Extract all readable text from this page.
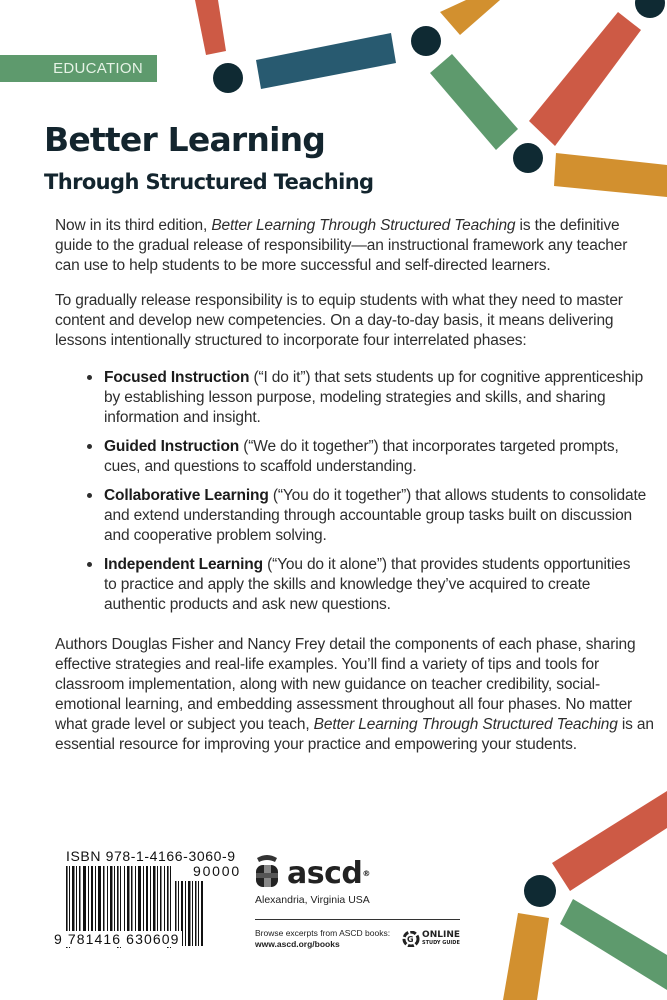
EDUCATION
Better Learning
Through Structured Teaching

Now in its third edition, Better Learning Through Structured Teaching is the definitive guide to the gradual release of responsibility—an instructional framework any teacher can use to help students to be more successful and self-directed learners.

To gradually release responsibility is to equip students with what they need to master content and develop new competencies. On a day-to-day basis, it means delivering lessons intentionally structured to incorporate four interrelated phases:

Focused Instruction (“I do it”) that sets students up for cognitive apprenticeship by establishing lesson purpose, modeling strategies and skills, and sharing information and insight.
Guided Instruction (“We do it together”) that incorporates targeted prompts, cues, and questions to scaffold understanding.
Collaborative Learning (“You do it together”) that allows students to consolidate and extend understanding through accountable group tasks built on discussion and cooperative problem solving.
Independent Learning (“You do it alone”) that provides students opportunities to practice and apply the skills and knowledge they’ve acquired to create authentic products and ask new questions.

Authors Douglas Fisher and Nancy Frey detail the components of each phase, sharing effective strategies and real-life examples. You’ll find a variety of tips and tools for classroom implementation, along with new guidance on teacher credibility, social-emotional learning, and embedding assessment throughout all four phases. No matter what grade level or subject you teach, Better Learning Through Structured Teaching is an essential resource for improving your practice and empowering your students.

ISBN 978-1-4166-3060-9
90000
9 781416 630609
ascd®
Alexandria, Virginia USA
Browse excerpts from ASCD books:
www.ascd.org/books	G ONLINE
STUDY GUIDE
